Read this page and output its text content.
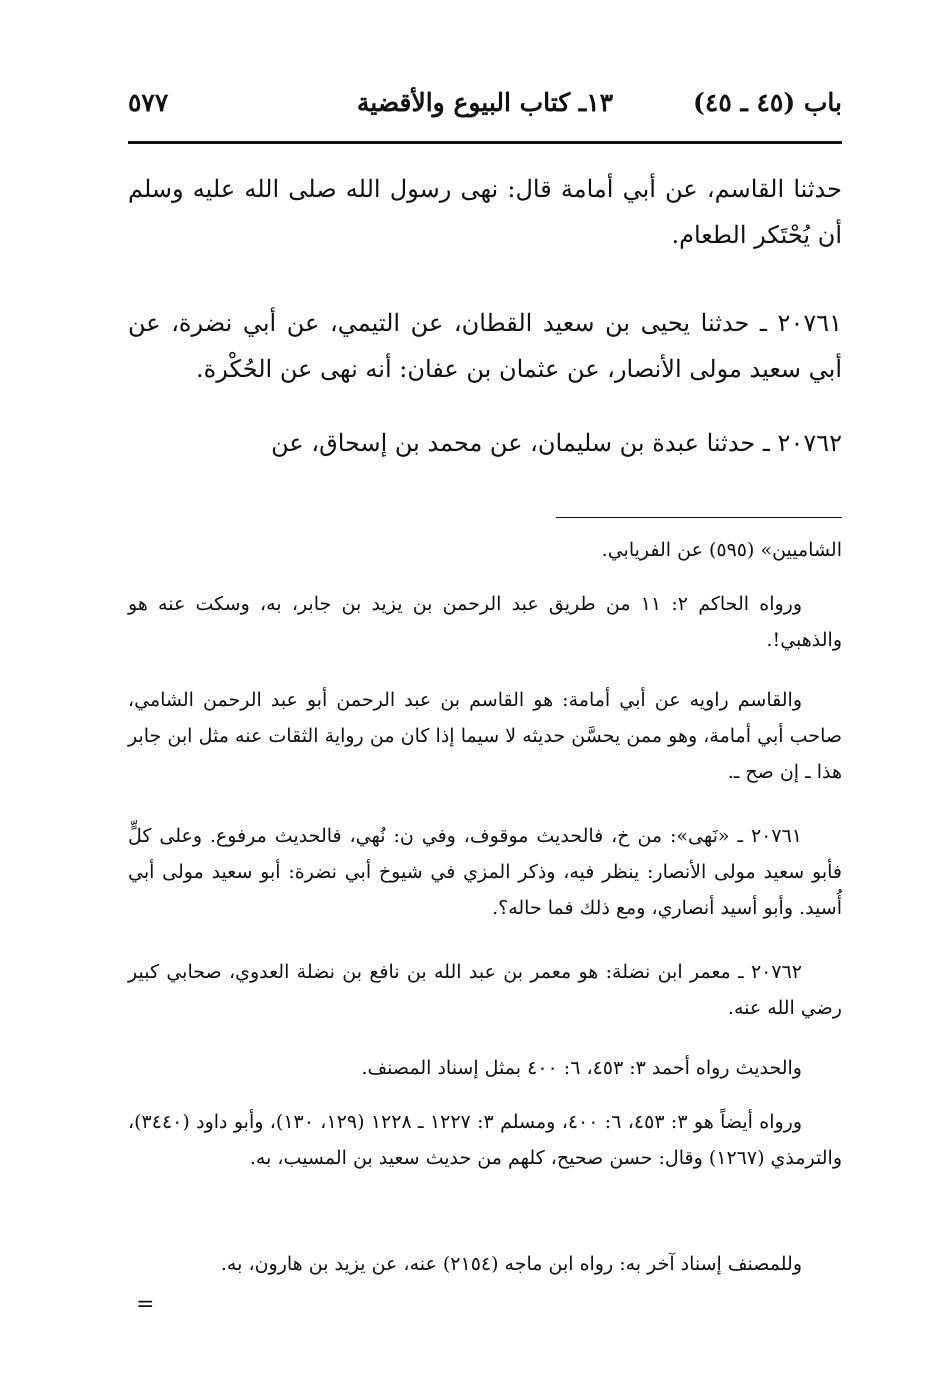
باب (٤٥ ـ ٤٥)
١٣ـ كتاب البيوع والأقضية
٥٧٧
حدثنا القاسم، عن أبي أمامة قال: نهى رسول الله صلى الله عليه وسلم أن يُحْتَكر الطعام.
٢٠٧٦١ ـ حدثنا يحيى بن سعيد القطان، عن التيمي، عن أبي نضرة، عن أبي سعيد مولى الأنصار، عن عثمان بن عفان: أنه نهى عن الحُكْرة.
٢٠٧٦٢ ـ حدثنا عبدة بن سليمان، عن محمد بن إسحاق، عن
الشاميين» (٥٩٥) عن الفريابي.
ورواه الحاكم ٢: ١١ من طريق عبد الرحمن بن يزيد بن جابر، به، وسكت عنه هو والذهبي!.
والقاسم راويه عن أبي أمامة: هو القاسم بن عبد الرحمن أبو عبد الرحمن الشامي، صاحب أبي أمامة، وهو ممن يحسَّن حديثه لا سيما إذا كان من رواية الثقات عنه مثل ابن جابر هذا ـ إن صح ـ.
٢٠٧٦١ ـ «نَهى»: من خ، فالحديث موقوف، وفي ن: نُهي، فالحديث مرفوع. وعلى كلٍّ فأبو سعيد مولى الأنصار: ينظر فيه، وذكر المزي في شيوخ أبي نضرة: أبو سعيد مولى أبي أُسيد. وأبو أسيد أنصاري، ومع ذلك فما حاله؟.
٢٠٧٦٢ ـ معمر ابن نضلة: هو معمر بن عبد الله بن نافع بن نضلة العدوي، صحابي كبير رضي الله عنه.
والحديث رواه أحمد ٣: ٤٥٣، ٦: ٤٠٠ بمثل إسناد المصنف.
ورواه أيضاً هو ٣: ٤٥٣، ٦: ٤٠٠، ومسلم ٣: ١٢٢٧ ـ ١٢٢٨ (١٢٩، ١٣٠)، وأبو داود (٣٤٤٠)، والترمذي (١٢٦٧) وقال: حسن صحيح، كلهم من حديث سعيد بن المسيب، به.
وللمصنف إسناد آخر به: رواه ابن ماجه (٢١٥٤) عنه، عن يزيد بن هارون، به.
=
